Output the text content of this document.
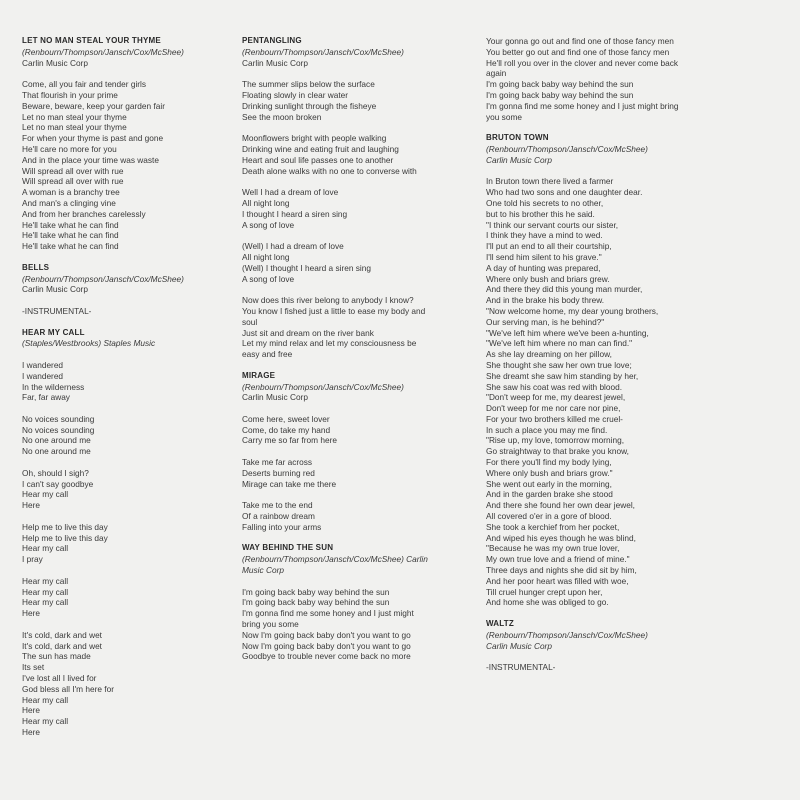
LET NO MAN STEAL YOUR THYME
(Renbourn/Thompson/Jansch/Cox/McShee)
Carlin Music Corp
Come, all you fair and tender girls
That flourish in your prime
Beware, beware, keep your garden fair
Let no man steal your thyme
Let no man steal your thyme
For when your thyme is past and gone
He'll care no more for you
And in the place your time was waste
Will spread all over with rue
Will spread all over with rue
A woman is a branchy tree
And man's a clinging vine
And from her branches carelessly
He'll take what he can find
He'll take what he can find
He'll take what he can find
BELLS
(Renbourn/Thompson/Jansch/Cox/McShee)
Carlin Music Corp
-INSTRUMENTAL-
HEAR MY CALL
(Staples/Westbrooks) Staples Music
I wandered
I wandered
In the wilderness
Far, far away
No voices sounding
No voices sounding
No one around me
No one around me
Oh, should I sigh?
I can't say goodbye
Hear my call
Here
Help me to live this day
Help me to live this day
Hear my call
I pray
Hear my call
Hear my call
Hear my call
Here
It's cold, dark and wet
It's cold, dark and wet
The sun has made
Its set
I've lost all I lived for
God bless all I'm here for
Hear my call
Here
Hear my call
Here
PENTANGLING
(Renbourn/Thompson/Jansch/Cox/McShee)
Carlin Music Corp
The summer slips below the surface
Floating slowly in clear water
Drinking sunlight through the fisheye
See the moon broken
Moonflowers bright with people walking
Drinking wine and eating fruit and laughing
Heart and soul life passes one to another
Death alone walks with no one to converse with
Well I had a dream of love
All night long
I thought I heard a siren sing
A song of love
(Well) I had a dream of love
All night long
(Well) I thought I heard a siren sing
A song of love
Now does this river belong to anybody I know?
You know I fished just a little to ease my body and
soul
Just sit and dream on the river bank
Let my mind relax and let my consciousness be
easy and free
MIRAGE
(Renbourn/Thompson/Jansch/Cox/McShee)
Carlin Music Corp
Come here, sweet lover
Come, do take my hand
Carry me so far from here
Take me far across
Deserts burning red
Mirage can take me there
Take me to the end
Of a rainbow dream
Falling into your arms
WAY BEHIND THE SUN
(Renbourn/Thompson/Jansch/Cox/McShee) Carlin
Music Corp
I'm going back baby way behind the sun
I'm going back baby way behind the sun
I'm gonna find me some honey and I just might
bring you some
Now I'm going back baby don't you want to go
Now I'm going back baby don't you want to go
Goodbye to trouble never come back no more
Your gonna go out and find one of those fancy men
You better go out and find one of those fancy men
He'll roll you over in the clover and never come back
again
I'm going back baby way behind the sun
I'm going back baby way behind the sun
I'm gonna find me some honey and I just might bring
you some
BRUTON TOWN
(Renbourn/Thompson/Jansch/Cox/McShee)
Carlin Music Corp
In Bruton town there lived a farmer
Who had two sons and one daughter dear.
One told his secrets to no other,
but to his brother this he said.
"I think our servant courts our sister,
I think they have a mind to wed.
I'll put an end to all their courtship,
I'll send him silent to his grave."
A day of hunting was prepared,
Where only bush and briars grew.
And there they did this young man murder,
And in the brake his body threw.
"Now welcome home, my dear young brothers,
Our serving man, is he behind?"
"We've left him where we've been a-hunting,
"We've left him where no man can find."
As she lay dreaming on her pillow,
She thought she saw her own true love;
She dreamt she saw him standing by her,
She saw his coat was red with blood.
"Don't weep for me, my dearest jewel,
Don't weep for me nor care nor pine,
For your two brothers killed me cruel-
In such a place you may me find.
"Rise up, my love, tomorrow morning,
Go straightway to that brake you know,
For there you'll find my body lying,
Where only bush and briars grow."
She went out early in the morning,
And in the garden brake she stood
And there she found her own dear jewel,
All covered o'er in a gore of blood.
She took a kerchief from her pocket,
And wiped his eyes though he was blind,
"Because he was my own true lover,
My own true love and a friend of mine."
Three days and nights she did sit by him,
And her poor heart was filled with woe,
Till cruel hunger crept upon her,
And home she was obliged to go.
WALTZ
(Renbourn/Thompson/Jansch/Cox/McShee)
Carlin Music Corp
-INSTRUMENTAL-
